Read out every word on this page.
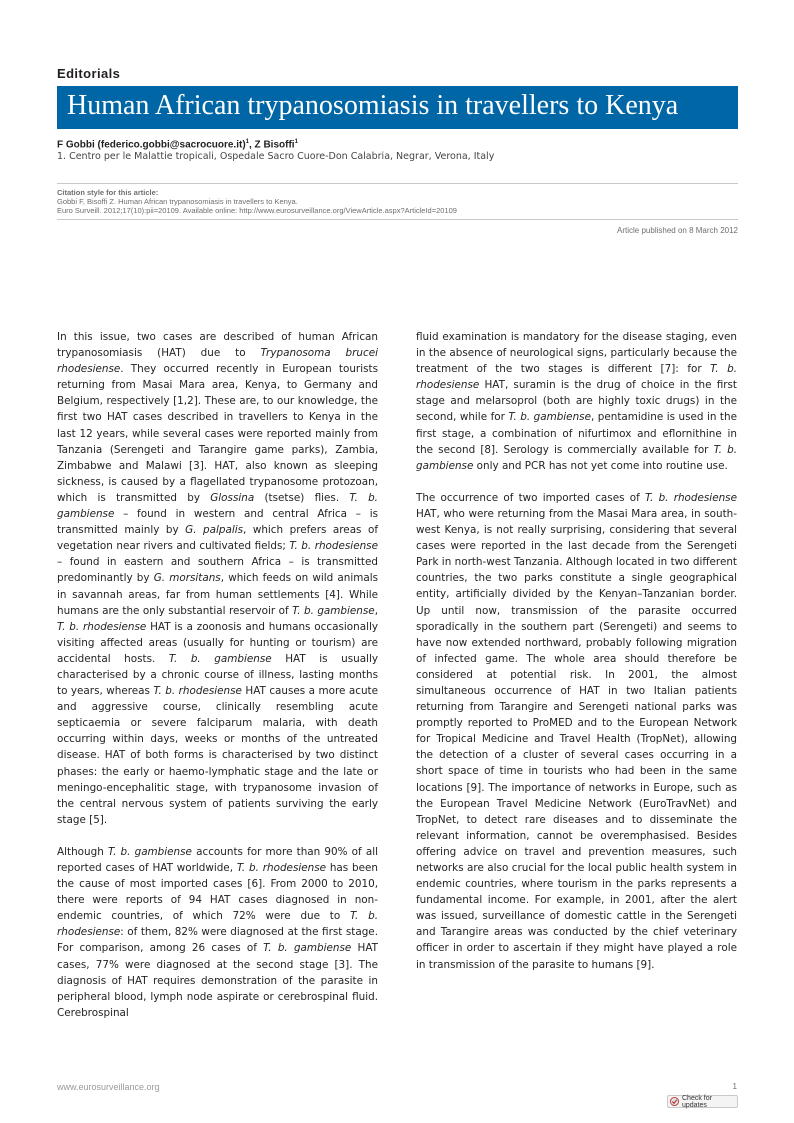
Editorials
Human African trypanosomiasis in travellers to Kenya
F Gobbi (federico.gobbi@sacrocuore.it)$^1$, Z Bisoffi$^1$
1. Centro per le Malattie tropicali, Ospedale Sacro Cuore-Don Calabria, Negrar, Verona, Italy
Citation style for this article:
Gobbi F, Bisoffi Z. Human African trypanosomiasis in travellers to Kenya.
Euro Surveill. 2012;17(10):pii=20109. Available online: http://www.eurosurveillance.org/ViewArticle.aspx?ArticleId=20109
Article published on 8 March 2012

In this issue, two cases are described of human African trypanosomiasis (HAT) due to Trypanosoma brucei rhodesiense. They occurred recently in European tourists returning from Masai Mara area, Kenya, to Germany and Belgium, respectively [1,2]. These are, to our knowledge, the first two HAT cases described in travellers to Kenya in the last 12 years, while several cases were reported mainly from Tanzania (Serengeti and Tarangire game parks), Zambia, Zimbabwe and Malawi [3]. HAT, also known as sleeping sickness, is caused by a flagellated trypanosome protozoan, which is transmitted by Glossina (tsetse) flies. T. b. gambiense – found in western and central Africa – is transmitted mainly by G. palpalis, which prefers areas of vegetation near rivers and cultivated fields; T. b. rhodesiense – found in eastern and southern Africa – is transmitted predominantly by G. morsitans, which feeds on wild animals in savannah areas, far from human settlements [4]. While humans are the only substantial reservoir of T. b. gambiense, T. b. rhodesiense HAT is a zoonosis and humans occasionally visiting affected areas (usually for hunting or tourism) are accidental hosts. T. b. gambiense HAT is usually characterised by a chronic course of illness, lasting months to years, whereas T. b. rhodesiense HAT causes a more acute and aggressive course, clinically resembling acute septicaemia or severe falciparum malaria, with death occurring within days, weeks or months of the untreated disease. HAT of both forms is characterised by two distinct phases: the early or haemo-lymphatic stage and the late or meningo-encephalitic stage, with trypanosome invasion of the central nervous system of patients surviving the early stage [5].

Although T. b. gambiense accounts for more than 90% of all reported cases of HAT worldwide, T. b. rhodesiense has been the cause of most imported cases [6]. From 2000 to 2010, there were reports of 94 HAT cases diagnosed in non- endemic countries, of which 72% were due to T. b. rhodesiense: of them, 82% were diagnosed at the first stage. For comparison, among 26 cases of T. b. gambiense HAT cases, 77% were diagnosed at the second stage [3]. The diagnosis of HAT requires demonstration of the parasite in peripheral blood, lymph node aspirate or cerebrospinal fluid. Cerebrospinal

fluid examination is mandatory for the disease staging, even in the absence of neurological signs, particularly because the treatment of the two stages is different [7]: for T. b. rhodesiense HAT, suramin is the drug of choice in the first stage and melarsoprol (both are highly toxic drugs) in the second, while for T. b. gambiense, pentamidine is used in the first stage, a combination of nifurtimox and eflornithine in the second [8]. Serology is commercially available for T. b. gambiense only and PCR has not yet come into routine use.

The occurrence of two imported cases of T. b. rhodesiense HAT, who were returning from the Masai Mara area, in south-west Kenya, is not really surprising, considering that several cases were reported in the last decade from the Serengeti Park in north-west Tanzania. Although located in two different countries, the two parks constitute a single geographical entity, artificially divided by the Kenyan–Tanzanian border. Up until now, transmission of the parasite occurred sporadically in the southern part (Serengeti) and seems to have now extended northward, probably following migration of infected game. The whole area should therefore be considered at potential risk. In 2001, the almost simultaneous occurrence of HAT in two Italian patients returning from Tarangire and Serengeti national parks was promptly reported to ProMED and to the European Network for Tropical Medicine and Travel Health (TropNet), allowing the detection of a cluster of several cases occurring in a short space of time in tourists who had been in the same locations [9]. The importance of networks in Europe, such as the European Travel Medicine Network (EuroTravNet) and TropNet, to detect rare diseases and to disseminate the relevant information, cannot be overemphasised. Besides offering advice on travel and prevention measures, such networks are also crucial for the local public health system in endemic countries, where tourism in the parks represents a fundamental income. For example, in 2001, after the alert was issued, surveillance of domestic cattle in the Serengeti and Tarangire areas was conducted by the chief veterinary officer in order to ascertain if they might have played a role in transmission of the parasite to humans [9].

www.eurosurveillance.org	1
Check for updates
